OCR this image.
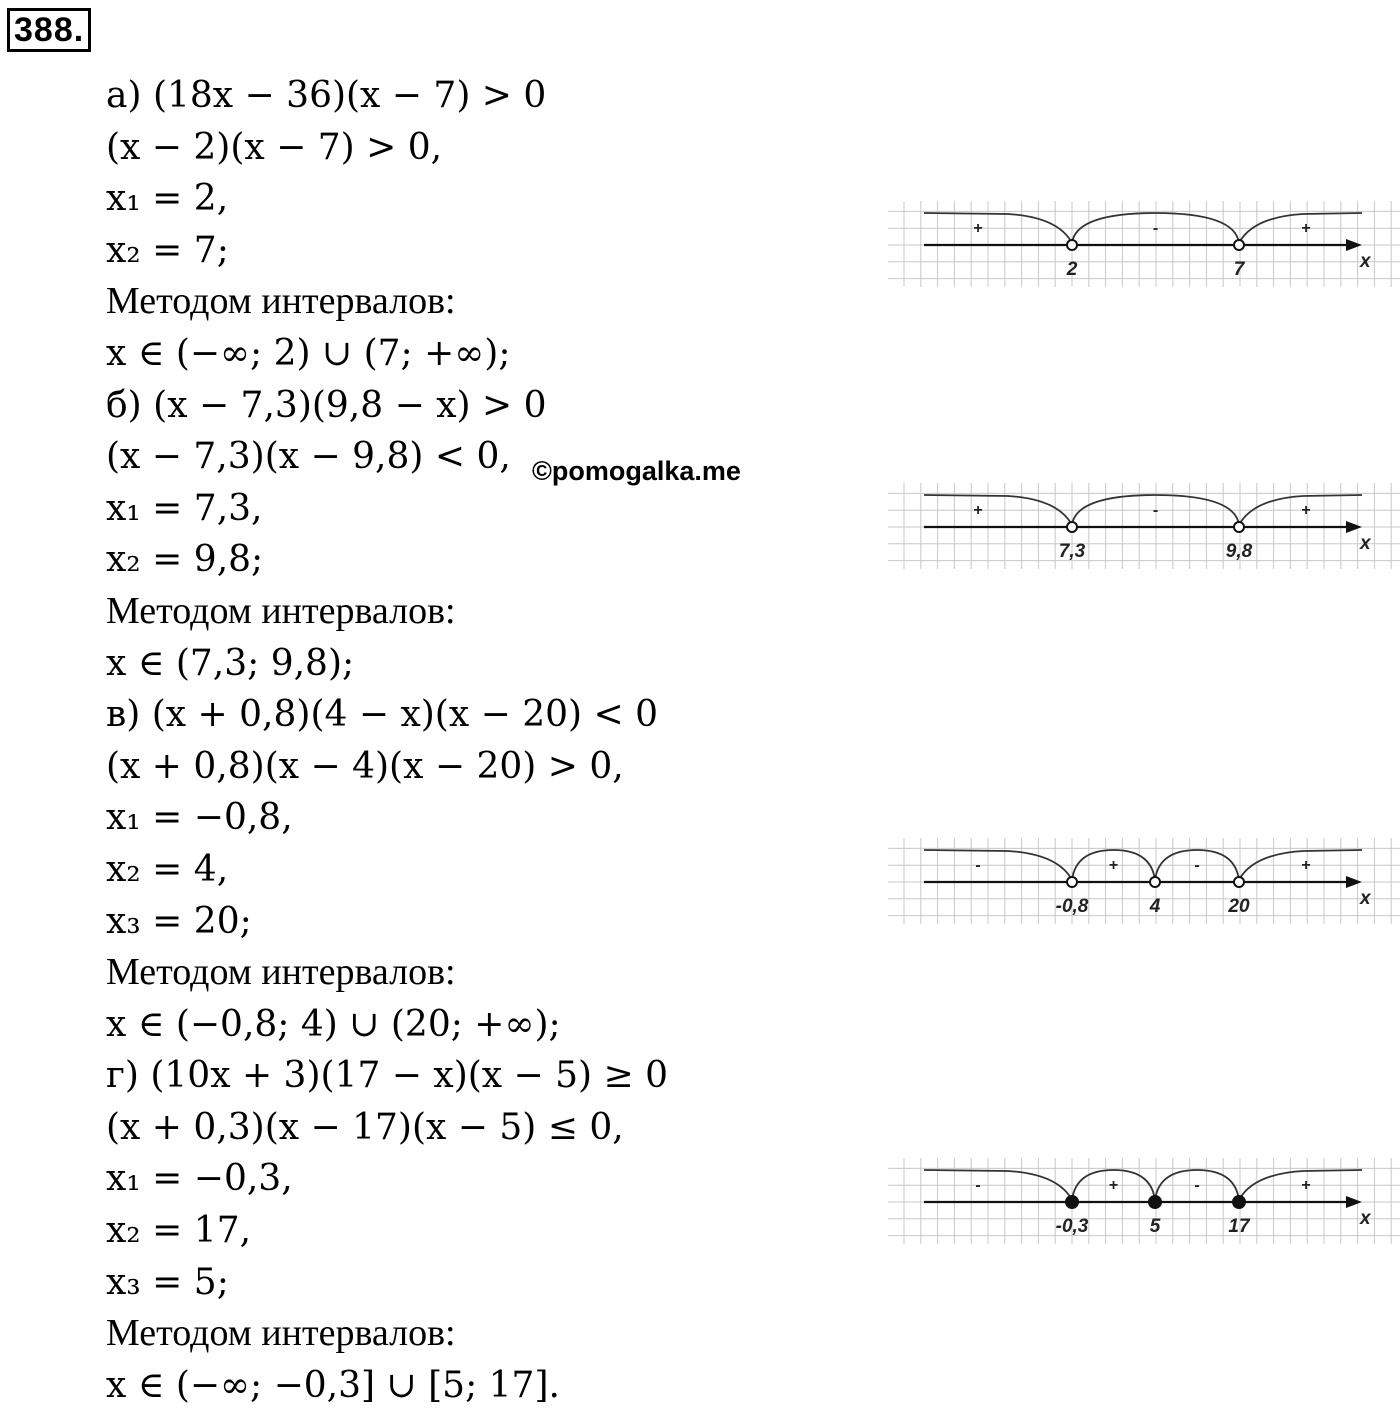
388.
а) (18x − 36)(x − 7) > 0
(x − 2)(x − 7) > 0,
x₁ = 2,
x₂ = 7;
Методом интервалов:
x ∈ (−∞; 2) ∪ (7; +∞);
б) (x − 7,3)(9,8 − x) > 0
(x − 7,3)(x − 9,8) < 0,
x₁ = 7,3,
x₂ = 9,8;
Методом интервалов:
x ∈ (7,3; 9,8);
в) (x + 0,8)(4 − x)(x − 20) < 0
(x + 0,8)(x − 4)(x − 20) > 0,
x₁ = −0,8,
x₂ = 4,
x₃ = 20;
Методом интервалов:
x ∈ (−0,8; 4) ∪ (20; +∞);
г) (10x + 3)(17 − x)(x − 5) ≥ 0
(x + 0,3)(x − 17)(x − 5) ≤ 0,
x₁ = −0,3,
x₂ = 17,
x₃ = 5;
Методом интервалов:
x ∈ (−∞; −0,3] ∪ [5; 17].
©pomogalka.me
x
+	-	+
2	7
x
+	-	+
7,3	9,8
x
-	+	-	+
-0,8	4	20
x
-	+	-	+
-0,3	5	17
